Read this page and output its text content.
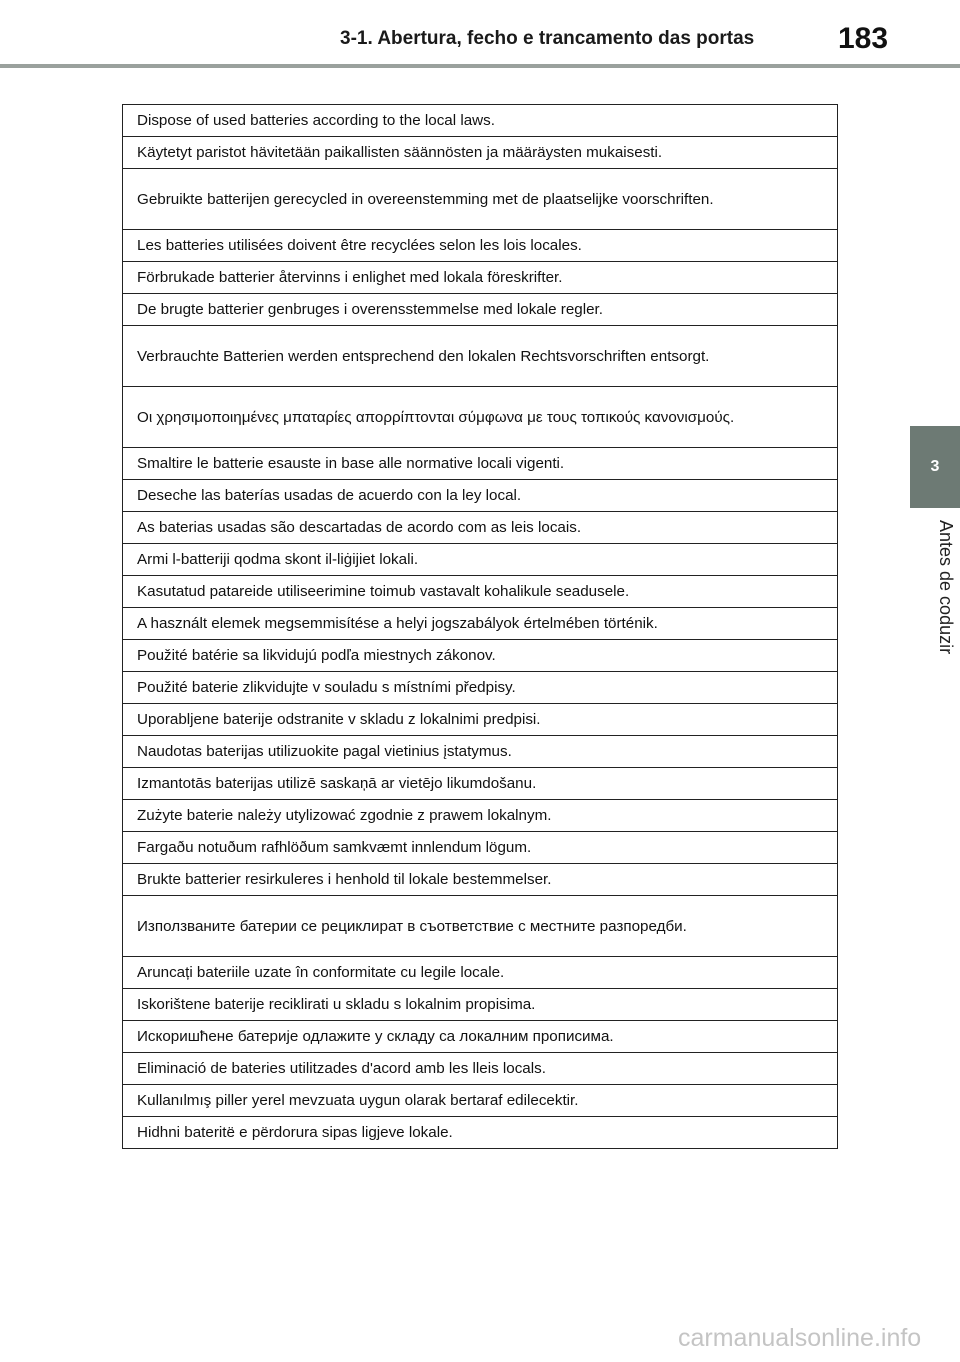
3-1. Abertura, fecho e trancamento das portas	183
3
Antes de coduzir
Dispose of used batteries according to the local laws.
Käytetyt paristot hävitetään paikallisten säännösten ja määräysten mukaisesti.
Gebruikte batterijen gerecycled in overeenstemming met de plaatselijke voorschriften.
Les batteries utilisées doivent être recyclées selon les lois locales.
Förbrukade batterier återvinns i enlighet med lokala föreskrifter.
De brugte batterier genbruges i overensstemmelse med lokale regler.
Verbrauchte Batterien werden entsprechend den lokalen Rechtsvorschriften entsorgt.
Οι χρησιμοποιημένες μπαταρίες απορρίπτονται σύμφωνα με τους τοπικούς κανονισμούς.
Smaltire le batterie esauste in base alle normative locali vigenti.
Deseche las baterías usadas de acuerdo con la ley local.
As baterias usadas são descartadas de acordo com as leis locais.
Armi l-batteriji qodma skont il-liġijiet lokali.
Kasutatud patareide utiliseerimine toimub vastavalt kohalikule seadusele.
A használt elemek megsemmisítése a helyi jogszabályok értelmében történik.
Použité batérie sa likvidujú podľa miestnych zákonov.
Použité baterie zlikvidujte v souladu s místními předpisy.
Uporabljene baterije odstranite v skladu z lokalnimi predpisi.
Naudotas baterijas utilizuokite pagal vietinius įstatymus.
Izmantotās baterijas utilizē saskaņā ar vietējo likumdošanu.
Zużyte baterie należy utylizować zgodnie z prawem lokalnym.
Fargaðu notuðum rafhlöðum samkvæmt innlendum lögum.
Brukte batterier resirkuleres i henhold til lokale bestemmelser.
Използваните батерии се рециклират в съответствие с местните разпоредби.
Aruncați bateriile uzate în conformitate cu legile locale.
Iskorištene baterije reciklirati u skladu s lokalnim propisima.
Искоришћене батерије одлажите у складу са локалним прописима.
Eliminació de bateries utilitzades d'acord amb les lleis locals.
Kullanılmış piller yerel mevzuata uygun olarak bertaraf edilecektir.
Hidhni bateritë e përdorura sipas ligjeve lokale.
carmanualsonline.info
